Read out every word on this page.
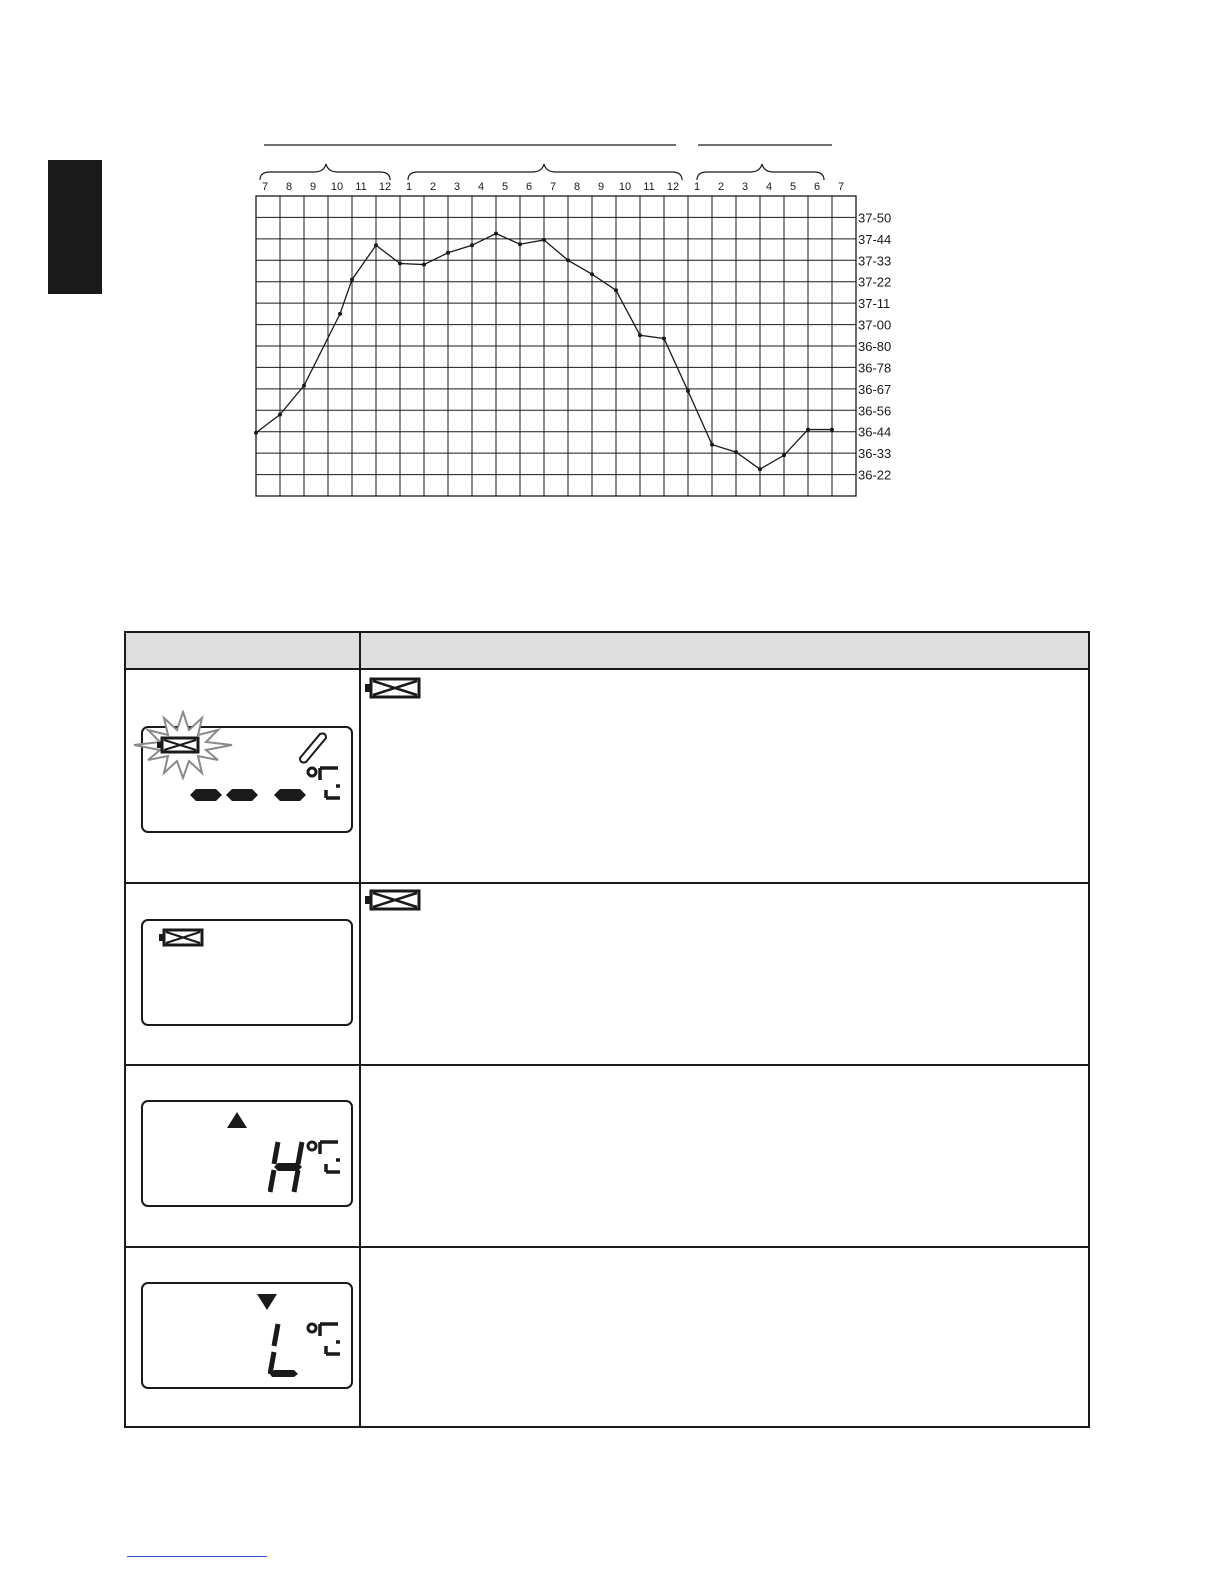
7 8 9 10 11 12 1 2 3 4 5 6 7 8 9 10 11 12 1 2 3 4 5 6 7
37-50
37-44
37-33
37-22
37-11
37-00
36-80
36-78
36-67
36-56
36-44
36-33
36-22
